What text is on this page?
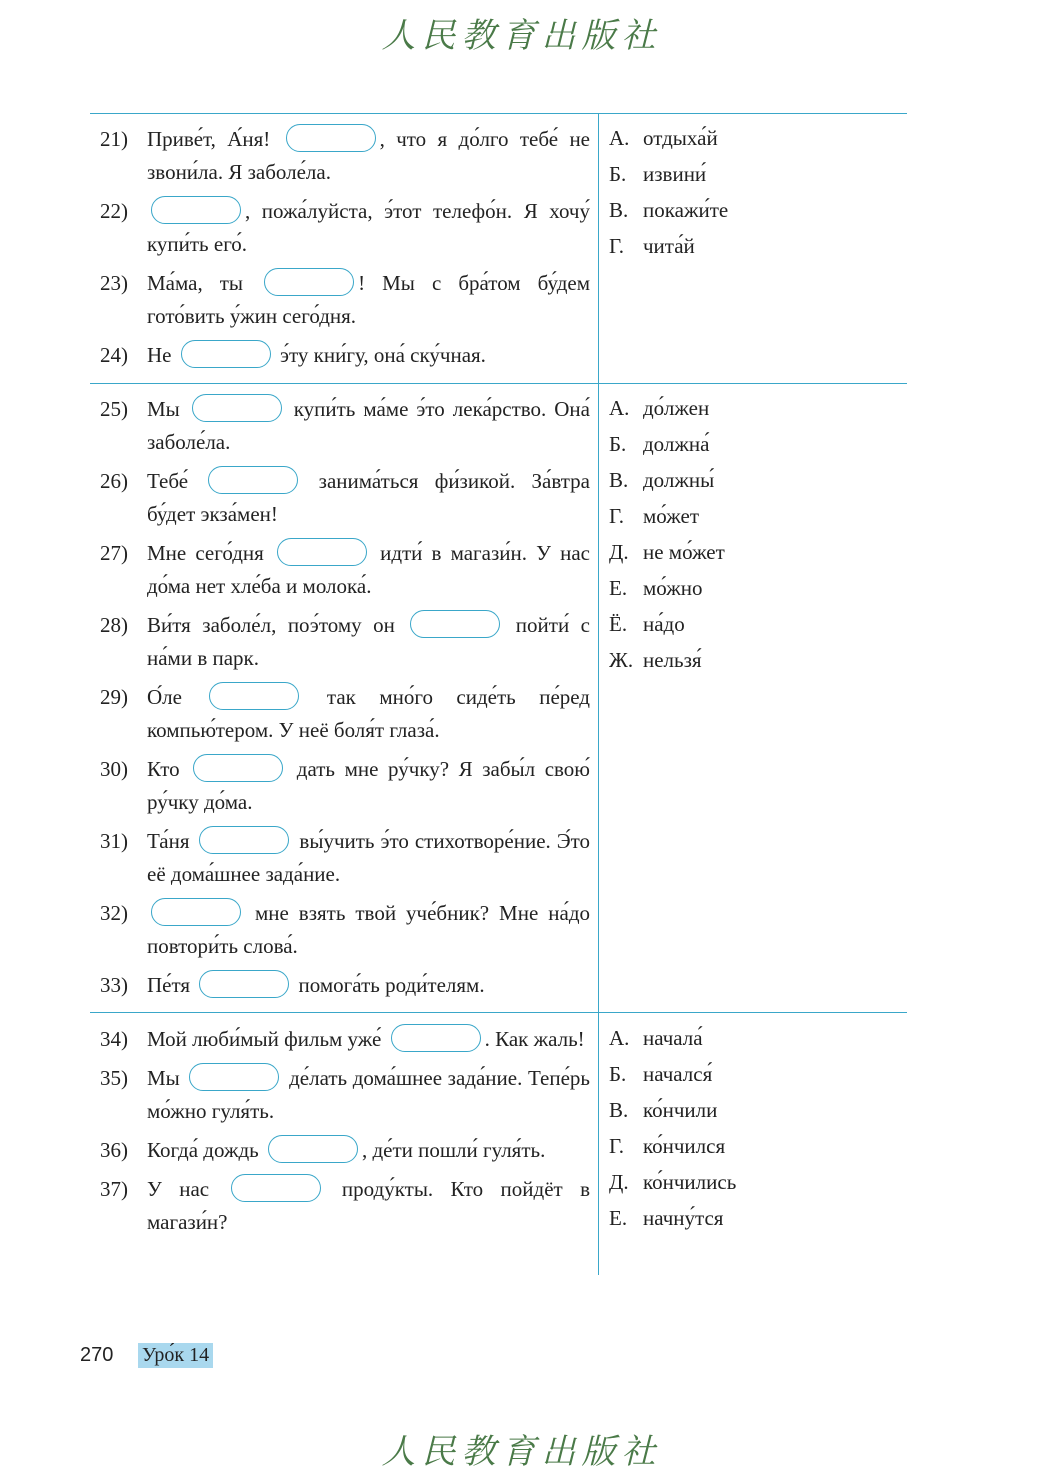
人民教育出版社
21) Приве́т, А́ня!	, что я до́лго тебе́ не звони́ла. Я заболе́ла.
22)	, пожа́луйста, э́тот телефо́н. Я хочу́ купи́ть его́.
23) Ма́ма, ты	! Мы с бра́том бу́дем гото́вить у́жин сего́дня.
24) Не	э́ту кни́гу, она́ ску́чная.
А. отдыха́й
Б. извини́
В. покажи́те
Г. чита́й
25) Мы	купи́ть ма́ме э́то лека́рство. Она́ заболе́ла.
26) Тебе́	занима́ться фи́зикой. За́втра бу́дет экза́мен!
27) Мне сего́дня	идти́ в магази́н. У нас до́ма нет хле́ба и молока́.
28) Ви́тя заболе́л, поэ́тому он	пойти́ с на́ми в парк.
29) О́ле	так мно́го сиде́ть пе́ред компью́тером. У неё боля́т глаза́.
30) Кто	дать мне ру́чку? Я забы́л свою́ ру́чку до́ма.
31) Та́ня	вы́учить э́то стихотворе́ние. Э́то её дома́шнее зада́ние.
32)	мне взять твой уче́бник? Мне на́до повтори́ть слова́.
33) Пе́тя	помога́ть роди́телям.
А. до́лжен
Б. должна́
В. должны́
Г. мо́жет
Д. не мо́жет
Е. мо́жно
Ё. на́до
Ж. нельзя́
34) Мой люби́мый фильм уже́	. Как жаль!
35) Мы	де́лать дома́шнее зада́ние. Тепе́рь мо́жно гуля́ть.
36) Когда́ дождь	, де́ти пошли́ гуля́ть.
37) У нас	проду́кты. Кто пойдёт в магази́н?
А. начала́
Б. начался́
В. ко́нчили
Г. ко́нчился
Д. ко́нчились
Е. начну́тся
270 Уро́к 14
人民教育出版社
